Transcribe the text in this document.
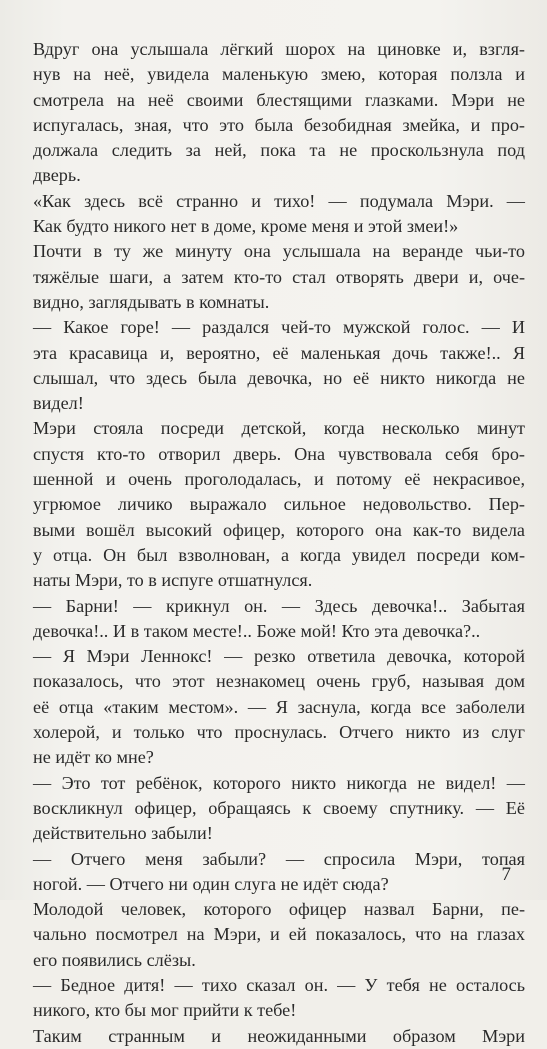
Вдруг она услышала лёгкий шорох на циновке и, взгля-
нув на неё, увидела маленькую змею, которая ползла и
смотрела на неё своими блестящими глазками. Мэри не
испугалась, зная, что это была безобидная змейка, и про-
должала следить за ней, пока та не проскользнула под
дверь.
«Как здесь всё странно и тихо! — подумала Мэри. —
Как будто никого нет в доме, кроме меня и этой змеи!»
Почти в ту же минуту она услышала на веранде чьи-то
тяжёлые шаги, а затем кто-то стал отворять двери и, оче-
видно, заглядывать в комнаты.
— Какое горе! — раздался чей-то мужской голос. — И
эта красавица и, вероятно, её маленькая дочь также!.. Я
слышал, что здесь была девочка, но её никто никогда не
видел!
Мэри стояла посреди детской, когда несколько минут
спустя кто-то отворил дверь. Она чувствовала себя бро-
шенной и очень проголодалась, и потому её некрасивое,
угрюмое личико выражало сильное недовольство. Пер-
выми вошёл высокий офицер, которого она как-то видела
у отца. Он был взволнован, а когда увидел посреди ком-
наты Мэри, то в испуге отшатнулся.
— Барни! — крикнул он. — Здесь девочка!.. Забытая
девочка!.. И в таком месте!.. Боже мой! Кто эта девочка?..
— Я Мэри Леннокс! — резко ответила девочка, которой
показалось, что этот незнакомец очень груб, называя дом
её отца «таким местом». — Я заснула, когда все заболели
холерой, и только что проснулась. Отчего никто из слуг
не идёт ко мне?
— Это тот ребёнок, которого никто никогда не видел! —
воскликнул офицер, обращаясь к своему спутнику. — Её
действительно забыли!
— Отчего меня забыли? — спросила Мэри, топая
ногой. — Отчего ни один слуга не идёт сюда?
Молодой человек, которого офицер назвал Барни, пе-
чально посмотрел на Мэри, и ей показалось, что на глазах
его появились слёзы.
— Бедное дитя! — тихо сказал он. — У тебя не осталось
никого, кто бы мог прийти к тебе!
Таким странным и неожиданными образом Мэри
7
